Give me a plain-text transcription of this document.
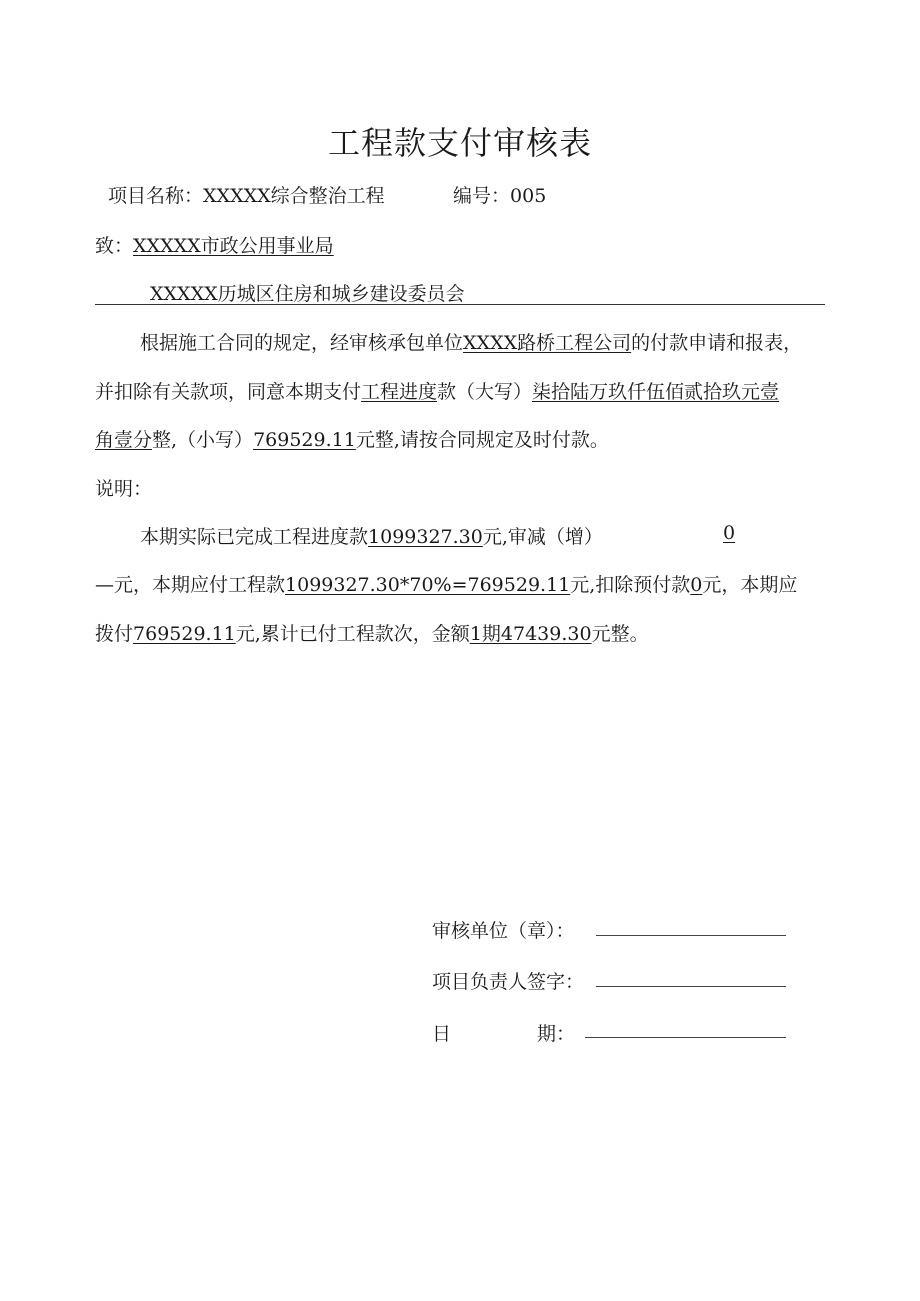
工程款支付审核表
项目名称：XXXXX综合整治工程	编号：005
致：XXXXX市政公用事业局
XXXXX历城区住房和城乡建设委员会
根据施工合同的规定，经审核承包单位XXXX路桥工程公司的付款申请和报表，
并扣除有关款项，同意本期支付工程进度款（大写）柒拾陆万玖仟伍佰贰拾玖元壹
角壹分整,（小写）769529.11元整,请按合同规定及时付款。
说明：
本期实际已完成工程进度款1099327.30元,审减（增）	0
—元，本期应付工程款1099327.30*70%=769529.11元,扣除预付款0元，本期应
拨付769529.11元,累计已付工程款次，金额1期47439.30元整。
审核单位（章）：
项目负责人签字：
日	期：
